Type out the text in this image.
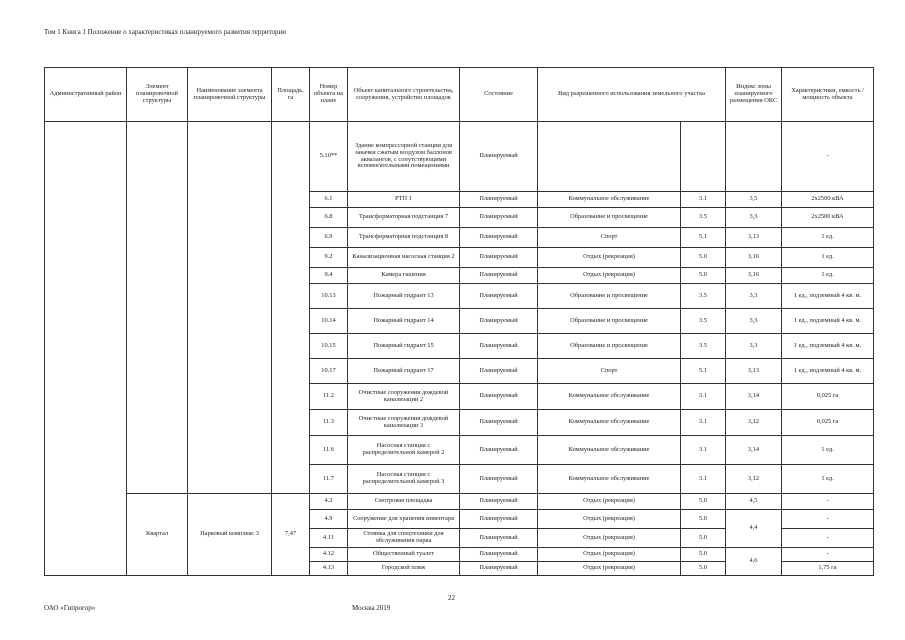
Том 1 Книга 1 Положение о характеристиках планируемого развития территории
Административный район	Элемент планировочной структуры	Наименование элемента планировочной структуры	Площадь, га	Номер объекта на плане	Объект капитального строительства, сооружения, устройство площадок	Состояние	Вид разрешенного использования земельного участка		Индекс зоны планируемого размещения ОКС	Характеристики, емкость / мощность объекта
				5.10**	Здание компрессорной станции для закачки сжатым воздухом баллонов аквалангов, с сопутствующими вспомогательными помещениями	Планируемый				-
				6.1	РТП 1	Планируемый	Коммунальное обслуживание	3.1	3,5	2х2500 кВА
				6.8	Трансформаторная подстанция 7	Планируемый	Образование и просвещение	3.5	3,3	2х2500 кВА
				6.9	Трансформаторная подстанция 8	Планируемый	Спорт	5.1	3,13	1 ед.
				9.2	Канализационная насосная станция 2	Планируемый	Отдых (рекреация)	5.0	3,16	1 ед.
				9.4	Камера гашения	Планируемый	Отдых (рекреация)	5.0	3,16	1 ед.
				10.13	Пожарный гидрант 13	Планируемый	Образование и просвещение	3.5	3,3	1 ед., подземный 4 кв. м.
				10.14	Пожарный гидрант 14	Планируемый	Образование и просвещение	3.5	3,3	1 ед., подземный 4 кв. м.
				10.15	Пожарный гидрант 15	Планируемый	Образование и просвещение	3.5	3,3	1 ед., подземный 4 кв. м.
				10.17	Пожарный гидрант 17	Планируемый	Спорт	5.1	3,13	1 ед., подземный 4 кв. м.
				11.2	Очистные сооружения дождевой канализации 2	Планируемый	Коммунальное обслуживание	3.1	3,14	0,025 га
				11.3	Очистные сооружения дождевой канализации 3	Планируемый	Коммунальное обслуживание	3.1	3,12	0,025 га
				11.6	Насосная станция с распределительной камерой 2	Планируемый	Коммунальное обслуживание	3.1	3,14	1 ед.
				11.7	Насосная станция с распределительной камерой 3	Планируемый	Коммунальное обслуживание	3.1	3,12	1 ед.
	Квартал	Парковый комплекс 3	7,47	4.2	Смотровая площадка	Планируемый	Отдых (рекреация)	5.0	4,5	-
				4.9	Сооружение для хранения инвентаря	Планируемый	Отдых (рекреация)	5.0	4,4	-
				4.11	Стоянка для спецтехники для обслуживания парка	Планируемый	Отдых (рекреация)	5.0		-
				4.12	Общественный туалет	Планируемый	Отдых (рекреация)	5.0	4,6	-
				4.13	Городской пляж	Планируемый	Отдых (рекреация)	5.0		1,75 га
22
ОАО «Гипрогор»	Москва 2019
